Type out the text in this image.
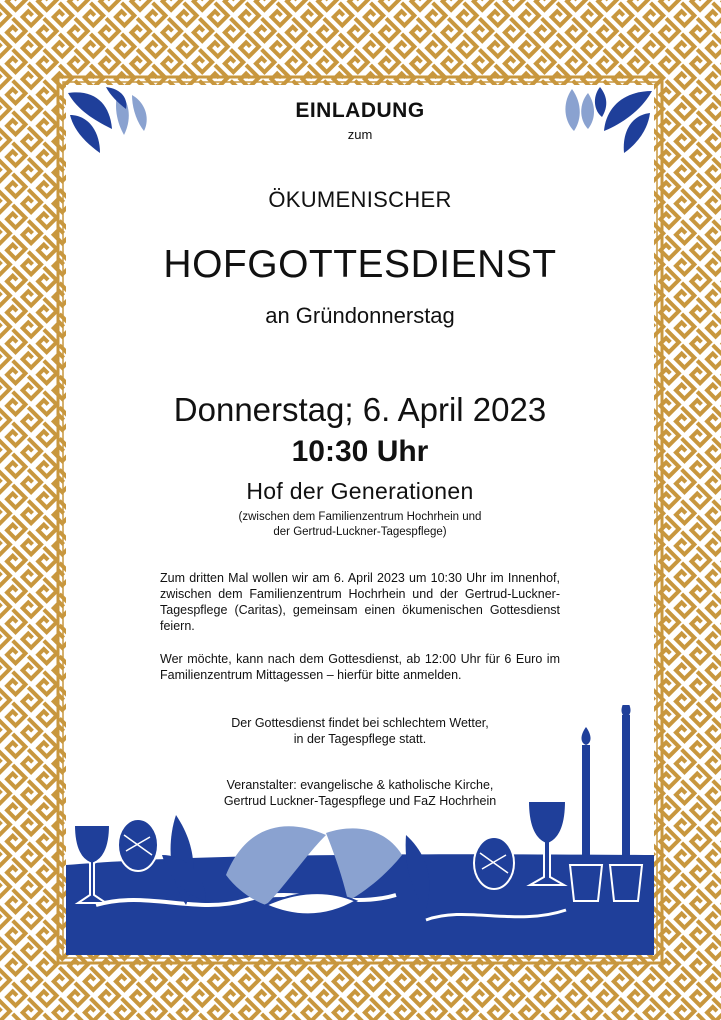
EINLADUNG

zum

ÖKUMENISCHER

HOFGOTTESDIENST

an Gründonnerstag

Donnerstag; 6. April 2023

10:30 Uhr

Hof der Generationen

(zwischen dem Familienzentrum Hochrhein und
der Gertrud-Luckner-Tagespflege)

Zum dritten Mal wollen wir am 6. April 2023 um 10:30 Uhr im Innenhof, zwischen dem Familienzentrum Hochrhein und der Gertrud-Luckner-Tagespflege (Caritas), gemeinsam einen ökumenischen Gottesdienst feiern.

Wer möchte, kann nach dem Gottesdienst, ab 12:00 Uhr für 6 Euro im Familienzentrum Mittagessen – hierfür bitte anmelden.

Der Gottesdienst findet bei schlechtem Wetter,
in der Tagespflege statt.
Veranstalter: evangelische & katholische Kirche,
Gertrud Luckner-Tagespflege und FaZ Hochrhein
